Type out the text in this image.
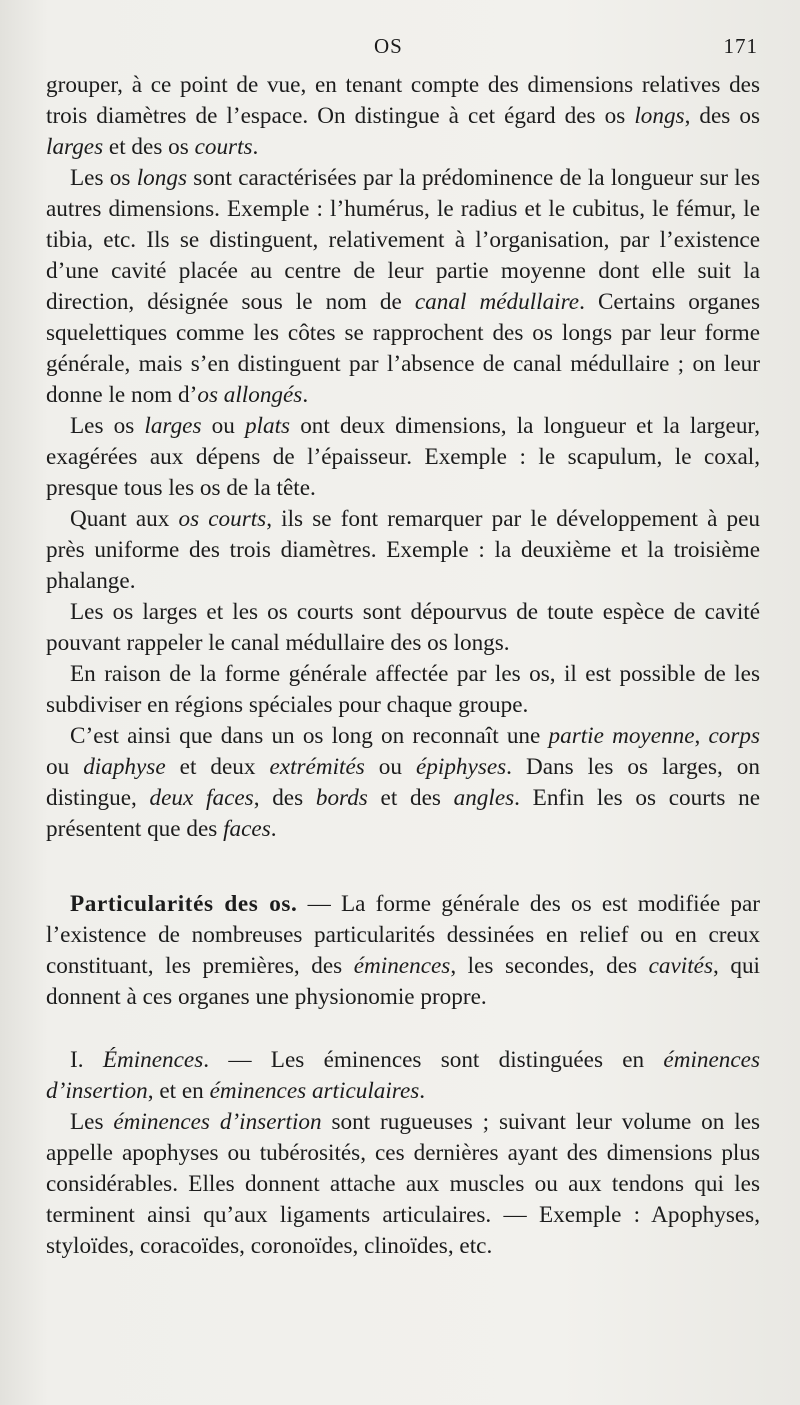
OS	171

grouper, à ce point de vue, en tenant compte des dimensions relatives des trois diamètres de l’espace. On distingue à cet égard des os longs, des os larges et des os courts.

Les os longs sont caractérisées par la prédominence de la longueur sur les autres dimensions. Exemple : l’humérus, le radius et le cubitus, le fémur, le tibia, etc. Ils se distinguent, relativement à l’organisation, par l’existence d’une cavité placée au centre de leur partie moyenne dont elle suit la direction, désignée sous le nom de canal médullaire. Certains organes squelettiques comme les côtes se rapprochent des os longs par leur forme générale, mais s’en distinguent par l’absence de canal médullaire ; on leur donne le nom d’os allongés.

Les os larges ou plats ont deux dimensions, la longueur et la largeur, exagérées aux dépens de l’épaisseur. Exemple : le scapulum, le coxal, presque tous les os de la tête.

Quant aux os courts, ils se font remarquer par le développement à peu près uniforme des trois diamètres. Exemple : la deuxième et la troisième phalange.

Les os larges et les os courts sont dépourvus de toute espèce de cavité pouvant rappeler le canal médullaire des os longs.

En raison de la forme générale affectée par les os, il est possible de les subdiviser en régions spéciales pour chaque groupe.

C’est ainsi que dans un os long on reconnaît une partie moyenne, corps ou diaphyse et deux extrémités ou épiphyses. Dans les os larges, on distingue, deux faces, des bords et des angles. Enfin les os courts ne présentent que des faces.

Particularités des os. — La forme générale des os est modifiée par l’existence de nombreuses particularités dessinées en relief ou en creux constituant, les premières, des éminences, les secondes, des cavités, qui donnent à ces organes une physionomie propre.

I. Éminences. — Les éminences sont distinguées en éminences d’insertion, et en éminences articulaires.

Les éminences d’insertion sont rugueuses ; suivant leur volume on les appelle apophyses ou tubérosités, ces dernières ayant des dimensions plus considérables. Elles donnent attache aux muscles ou aux tendons qui les terminent ainsi qu’aux ligaments articulaires. — Exemple : Apophyses, styloïdes, coracoïdes, coronoïdes, clinoïdes, etc.
